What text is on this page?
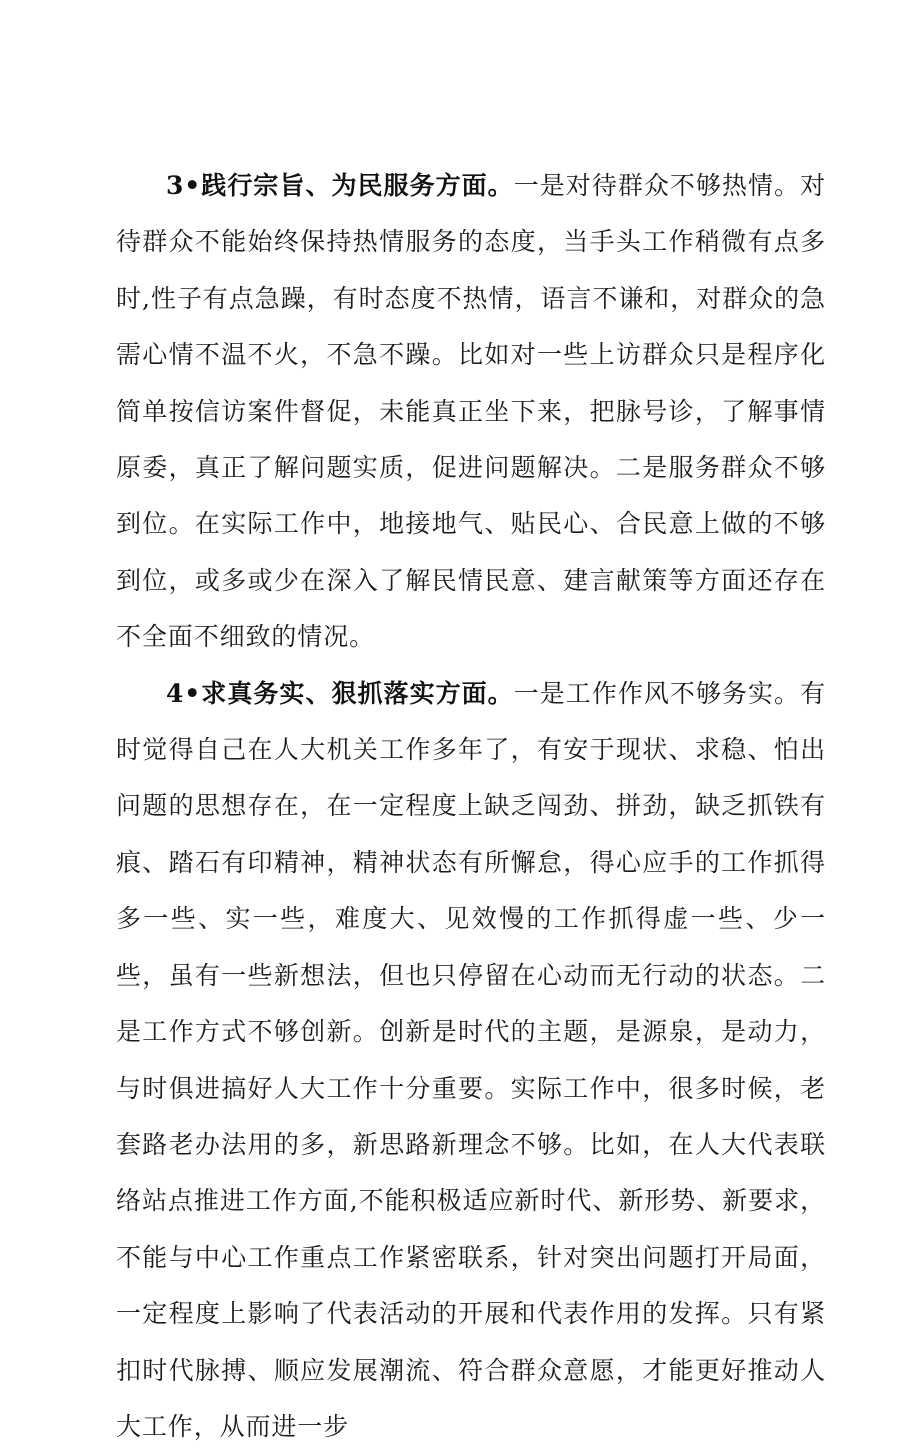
3•践行宗旨、为民服务方面。一是对待群众不够热情。对待群众不能始终保持热情服务的态度，当手头工作稍微有点多时,性子有点急躁，有时态度不热情，语言不谦和，对群众的急需心情不温不火，不急不躁。比如对一些上访群众只是程序化简单按信访案件督促，未能真正坐下来，把脉号诊，了解事情原委，真正了解问题实质，促进问题解决。二是服务群众不够到位。在实际工作中，地接地气、贴民心、合民意上做的不够到位，或多或少在深入了解民情民意、建言献策等方面还存在不全面不细致的情况。

4•求真务实、狠抓落实方面。一是工作作风不够务实。有时觉得自己在人大机关工作多年了，有安于现状、求稳、怕出问题的思想存在，在一定程度上缺乏闯劲、拼劲，缺乏抓铁有痕、踏石有印精神，精神状态有所懈怠，得心应手的工作抓得多一些、实一些，难度大、见效慢的工作抓得虚一些、少一些，虽有一些新想法，但也只停留在心动而无行动的状态。二是工作方式不够创新。创新是时代的主题，是源泉，是动力，与时俱进搞好人大工作十分重要。实际工作中，很多时候，老套路老办法用的多，新思路新理念不够。比如，在人大代表联络站点推进工作方面,不能积极适应新时代、新形势、新要求，不能与中心工作重点工作紧密联系，针对突出问题打开局面，一定程度上影响了代表活动的开展和代表作用的发挥。只有紧扣时代脉搏、顺应发展潮流、符合群众意愿，才能更好推动人大工作，从而进一步
